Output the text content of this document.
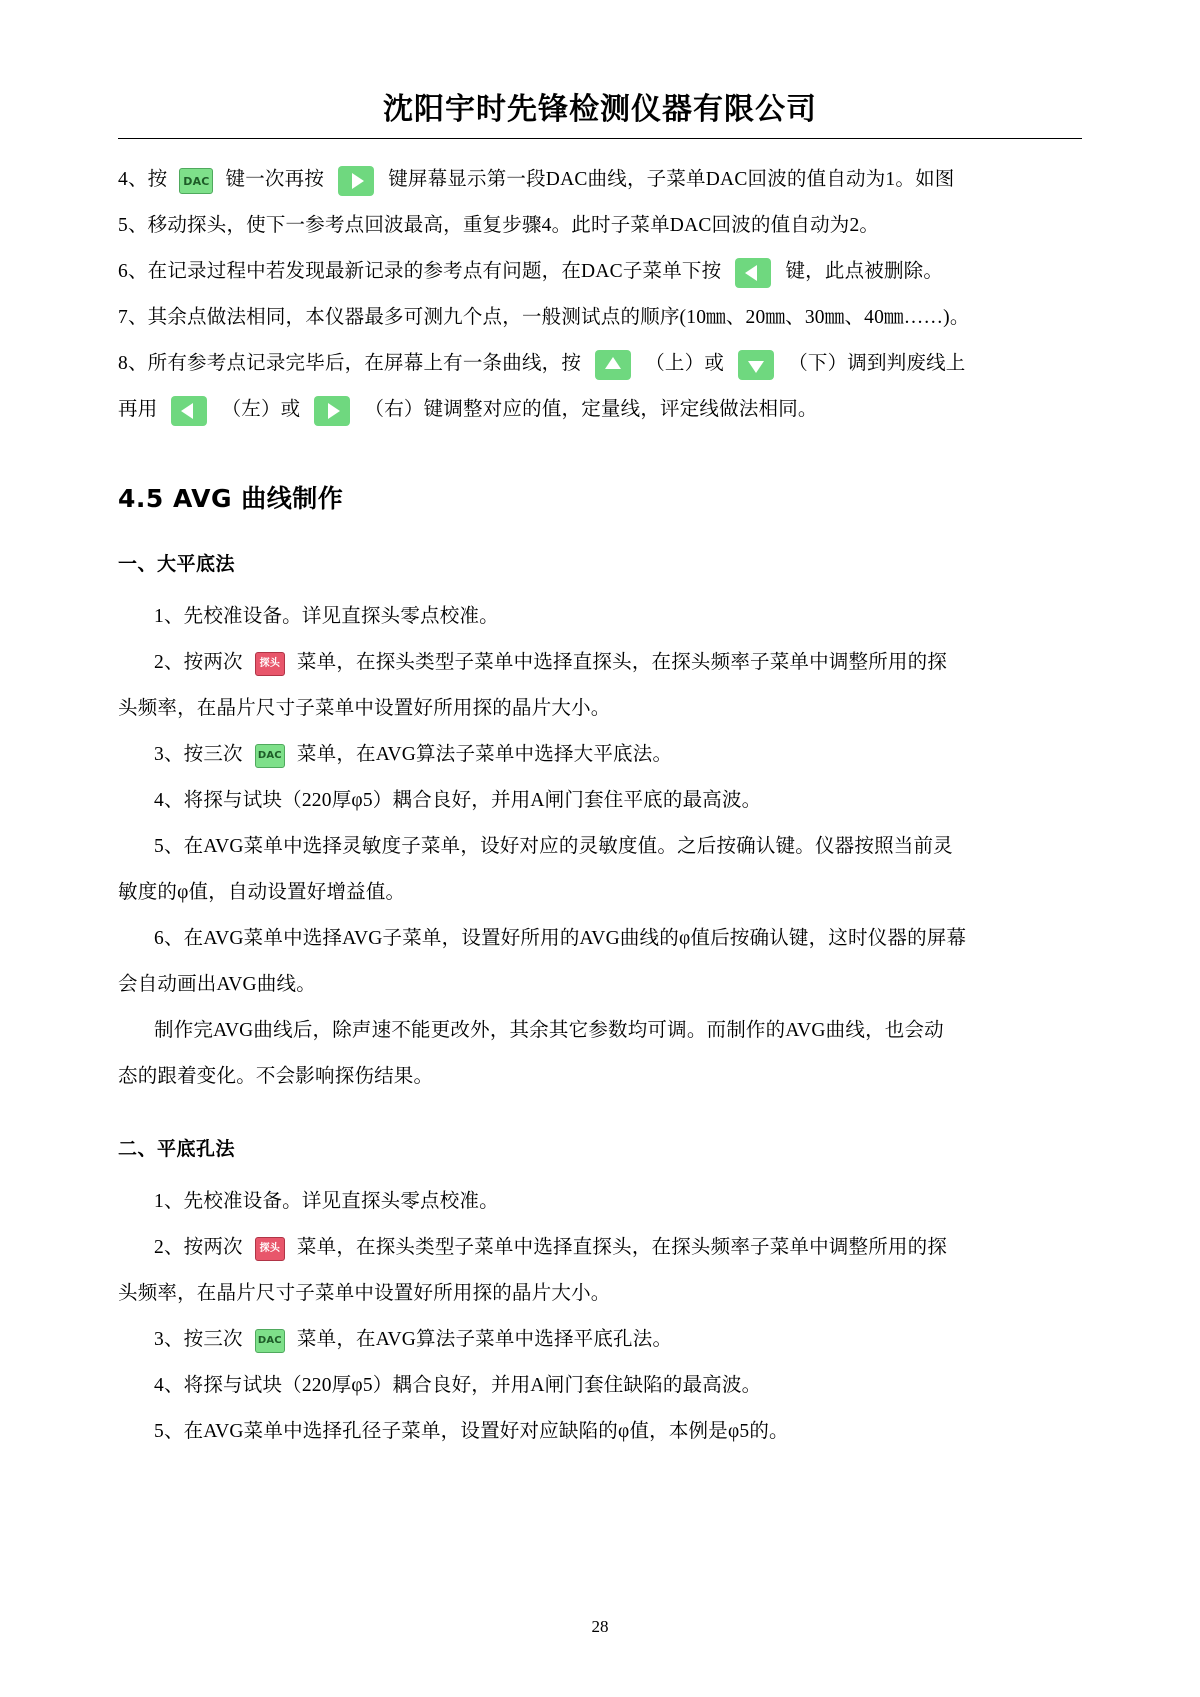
沈阳宇时先锋检测仪器有限公司

4、按 DAC 键一次再按	键屏幕显示第一段DAC曲线，子菜单DAC回波的值自动为1。如图

5、移动探头，使下一参考点回波最高，重复步骤4。此时子菜单DAC回波的值自动为2。

6、在记录过程中若发现最新记录的参考点有问题，在DAC子菜单下按	键，此点被删除。

7、其余点做法相同，本仪器最多可测九个点，一般测试点的顺序(10㎜、20㎜、30㎜、40㎜……)。

8、所有参考点记录完毕后，在屏幕上有一条曲线，按	（上）或	（下）调到判废线上

再用	（左）或	（右）键调整对应的值，定量线，评定线做法相同。

4.5 AVG 曲线制作
一、大平底法

1、先校准设备。详见直探头零点校准。

2、按两次 探头 菜单，在探头类型子菜单中选择直探头，在探头频率子菜单中调整所用的探

头频率，在晶片尺寸子菜单中设置好所用探的晶片大小。

3、按三次 DAC 菜单，在AVG算法子菜单中选择大平底法。

4、将探与试块（220厚φ5）耦合良好，并用A闸门套住平底的最高波。

5、在AVG菜单中选择灵敏度子菜单，设好对应的灵敏度值。之后按确认键。仪器按照当前灵

敏度的φ值，自动设置好增益值。

6、在AVG菜单中选择AVG子菜单，设置好所用的AVG曲线的φ值后按确认键，这时仪器的屏幕

会自动画出AVG曲线。

制作完AVG曲线后，除声速不能更改外，其余其它参数均可调。而制作的AVG曲线，也会动

态的跟着变化。不会影响探伤结果。

二、平底孔法

1、先校准设备。详见直探头零点校准。

2、按两次 探头 菜单，在探头类型子菜单中选择直探头，在探头频率子菜单中调整所用的探

头频率，在晶片尺寸子菜单中设置好所用探的晶片大小。

3、按三次 DAC 菜单，在AVG算法子菜单中选择平底孔法。

4、将探与试块（220厚φ5）耦合良好，并用A闸门套住缺陷的最高波。

5、在AVG菜单中选择孔径子菜单，设置好对应缺陷的φ值，本例是φ5的。

28
